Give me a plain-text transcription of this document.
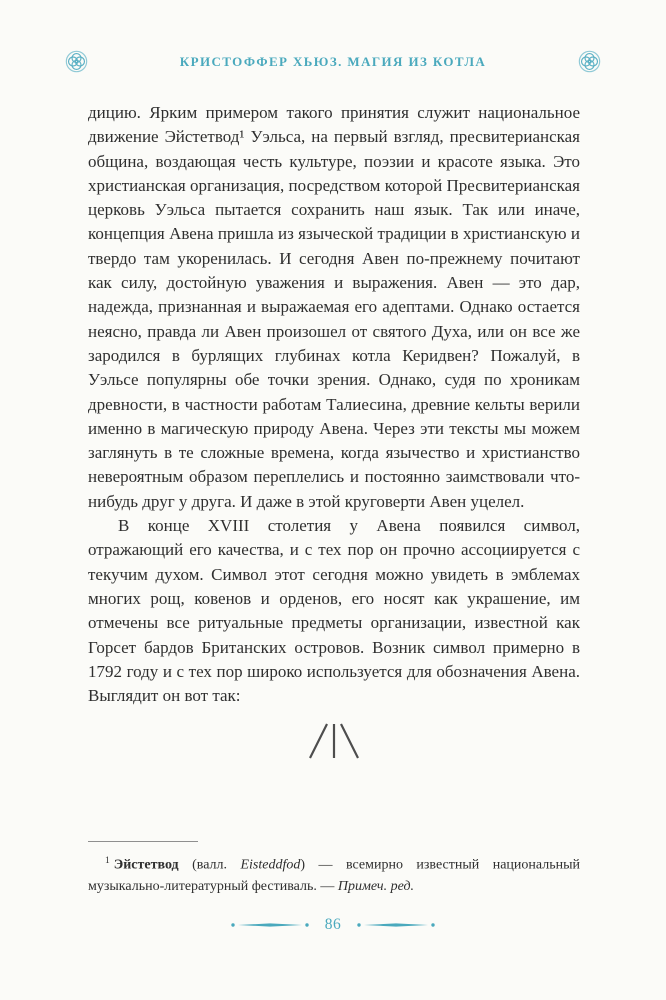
КРИСТОФФЕР ХЬЮЗ. МАГИЯ ИЗ КОТЛА

дицию. Ярким примером такого принятия служит национальное движение Эйстетвод¹ Уэльса, на первый взгляд, пресвитерианская община, воздающая честь культуре, поэзии и красоте языка. Это христианская организация, посредством которой Пресвитерианская церковь Уэльса пытается сохранить наш язык. Так или иначе, концепция Авена пришла из языческой традиции в христианскую и твердо там укоренилась. И сегодня Авен по-прежнему почитают как силу, достойную уважения и выражения. Авен — это дар, надежда, признанная и выражаемая его адептами. Однако остается неясно, правда ли Авен произошел от святого Духа, или он все же зародился в бурлящих глубинах котла Керидвен? Пожалуй, в Уэльсе популярны обе точки зрения. Однако, судя по хроникам древности, в частности работам Талиесина, древние кельты верили именно в магическую природу Авена. Через эти тексты мы можем заглянуть в те сложные времена, когда язычество и христианство невероятным образом переплелись и постоянно заимствовали что-нибудь друг у друга. И даже в этой круговерти Авен уцелел.

В конце XVIII столетия у Авена появился символ, отражающий его качества, и с тех пор он прочно ассоциируется с текучим духом. Символ этот сегодня можно увидеть в эмблемах многих рощ, ковенов и орденов, его носят как украшение, им отмечены все ритуальные предметы организации, известной как Горсет бардов Британских островов. Возник символ примерно в 1792 году и с тех пор широко используется для обозначения Авена. Выглядит он вот так:

$^1$ Эйстетвод (валл. Eisteddfod) — всемирно известный национальный музыкально-литературный фестиваль. — Примеч. ред.

86
